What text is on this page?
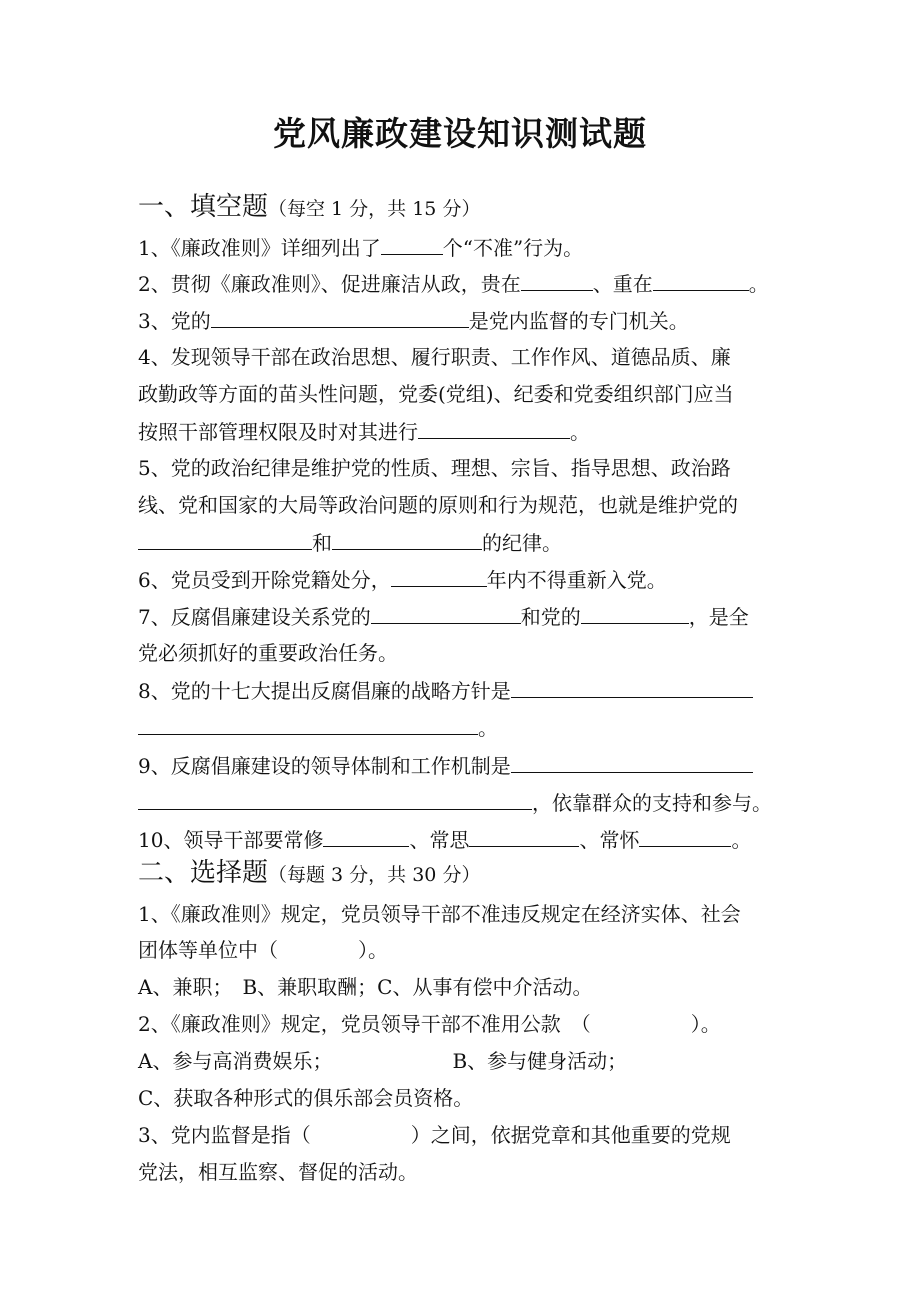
党风廉政建设知识测试题
一、填空题（每空 1 分，共 15 分）
1、《廉政准则》详细列出了	个“不准”行为。
2、贯彻《廉政准则》、促进廉洁从政，贵在	、重在	。
3、党的	是党内监督的专门机关。
4、发现领导干部在政治思想、履行职责、工作作风、道德品质、廉
政勤政等方面的苗头性问题，党委(党组)、纪委和党委组织部门应当
按照干部管理权限及时对其进行	。
5、党的政治纪律是维护党的性质、理想、宗旨、指导思想、政治路
线、党和国家的大局等政治问题的原则和行为规范，也就是维护党的
和	的纪律。
6、党员受到开除党籍处分，	年内不得重新入党。
7、反腐倡廉建设关系党的	和党的	，是全
党必须抓好的重要政治任务。
8、党的十七大提出反腐倡廉的战略方针是
。
9、反腐倡廉建设的领导体制和工作机制是
，依靠群众的支持和参与。
10、领导干部要常修	、常思	、常怀	。
二、选择题（每题 3 分，共 30 分）
1、《廉政准则》规定，党员领导干部不准违反规定在经济实体、社会
团体等单位中（　　　　）。
A、兼职；　B、兼职取酬；C、从事有偿中介活动。
2、《廉政准则》规定，党员领导干部不准用公款　（　　　　　）。
A、参与高消费娱乐；	B、参与健身活动；
C、获取各种形式的俱乐部会员资格。
3、党内监督是指（　　　　　）之间，依据党章和其他重要的党规
党法，相互监察、督促的活动。
